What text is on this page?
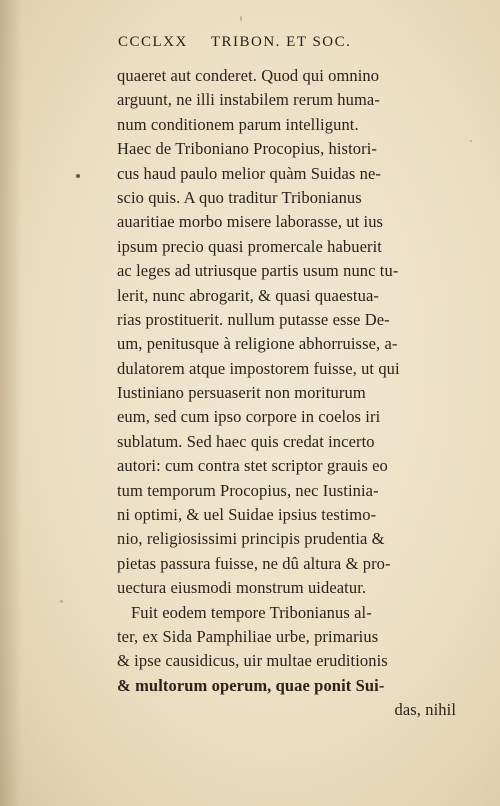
CCCLXX TRIBON. ET SOC.
quaeret aut conderet. Quod qui omnino
arguunt, ne illi instabilem rerum huma-
num conditionem parum intelligunt.
Haec de Triboniano Procopius, histori-
cus haud paulo melior quàm Suidas ne-
scio quis. A quo traditur Tribonianus
auaritiae morbo misere laborasse, ut ius
ipsum precio quasi promercale habuerit
ac leges ad utriusque partis usum nunc tu-
lerit, nunc abrogarit, & quasi quaestua-
rias prostituerit. nullum putasse esse De-
um, penitusque à religione abhorruisse, a-
dulatorem atque impostorem fuisse, ut qui
Iustiniano persuaserit non moriturum
eum, sed cum ipso corpore in coelos iri
sublatum. Sed haec quis credat incerto
autori: cum contra stet scriptor grauis eo
tum temporum Procopius, nec Iustinia-
ni optimi, & uel Suidae ipsius testimo-
nio, religiosissimi principis prudentia &
pietas passura fuisse, ne dû altura & pro-
uectura eiusmodi monstrum uideatur.
Fuit eodem tempore Tribonianus al-
ter, ex Sida Pamphiliae urbe, primarius
& ipse causidicus, uir multae eruditionis
& multorum operum, quae ponit Sui-
das, nihil
